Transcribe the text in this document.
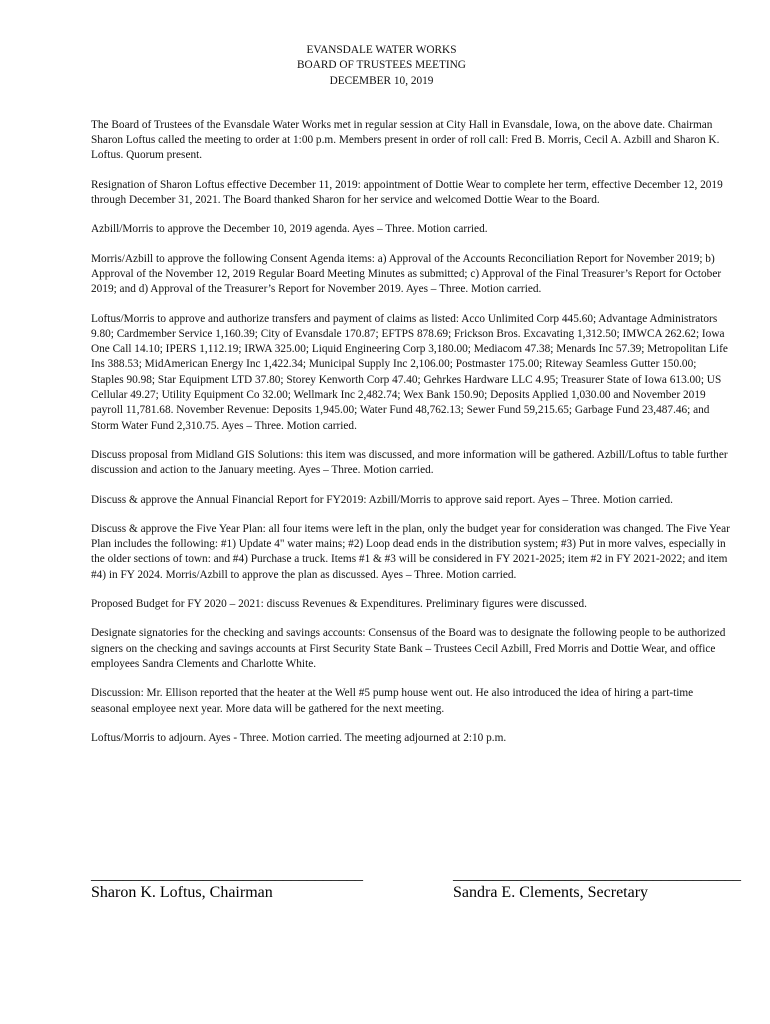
EVANSDALE WATER WORKS
BOARD OF TRUSTEES MEETING
DECEMBER 10, 2019

The Board of Trustees of the Evansdale Water Works met in regular session at City Hall in Evansdale, Iowa, on the above date. Chairman Sharon Loftus called the meeting to order at 1:00 p.m. Members present in order of roll call: Fred B. Morris, Cecil A. Azbill and Sharon K. Loftus. Quorum present.

Resignation of Sharon Loftus effective December 11, 2019: appointment of Dottie Wear to complete her term, effective December 12, 2019 through December 31, 2021. The Board thanked Sharon for her service and welcomed Dottie Wear to the Board.

Azbill/Morris to approve the December 10, 2019 agenda. Ayes – Three. Motion carried.

Morris/Azbill to approve the following Consent Agenda items: a) Approval of the Accounts Reconciliation Report for November 2019; b) Approval of the November 12, 2019 Regular Board Meeting Minutes as submitted; c) Approval of the Final Treasurer’s Report for October 2019; and d) Approval of the Treasurer’s Report for November 2019. Ayes – Three. Motion carried.

Loftus/Morris to approve and authorize transfers and payment of claims as listed: Acco Unlimited Corp 445.60; Advantage Administrators 9.80; Cardmember Service 1,160.39; City of Evansdale 170.87; EFTPS 878.69; Frickson Bros. Excavating 1,312.50; IMWCA 262.62; Iowa One Call 14.10; IPERS 1,112.19; IRWA 325.00; Liquid Engineering Corp 3,180.00; Mediacom 47.38; Menards Inc 57.39; Metropolitan Life Ins 388.53; MidAmerican Energy Inc 1,422.34; Municipal Supply Inc 2,106.00; Postmaster 175.00; Riteway Seamless Gutter 150.00; Staples 90.98; Star Equipment LTD 37.80; Storey Kenworth Corp 47.40; Gehrkes Hardware LLC 4.95; Treasurer State of Iowa 613.00; US Cellular 49.27; Utility Equipment Co 32.00; Wellmark Inc 2,482.74; Wex Bank 150.90; Deposits Applied 1,030.00 and November 2019 payroll 11,781.68. November Revenue: Deposits 1,945.00; Water Fund 48,762.13; Sewer Fund 59,215.65; Garbage Fund 23,487.46; and Storm Water Fund 2,310.75. Ayes – Three. Motion carried.

Discuss proposal from Midland GIS Solutions: this item was discussed, and more information will be gathered. Azbill/Loftus to table further discussion and action to the January meeting. Ayes – Three. Motion carried.

Discuss & approve the Annual Financial Report for FY2019: Azbill/Morris to approve said report. Ayes – Three. Motion carried.

Discuss & approve the Five Year Plan: all four items were left in the plan, only the budget year for consideration was changed. The Five Year Plan includes the following: #1) Update 4" water mains; #2) Loop dead ends in the distribution system; #3) Put in more valves, especially in the older sections of town: and #4) Purchase a truck. Items #1 & #3 will be considered in FY 2021-2025; item #2 in FY 2021-2022; and item #4) in FY 2024. Morris/Azbill to approve the plan as discussed. Ayes – Three. Motion carried.

Proposed Budget for FY 2020 – 2021: discuss Revenues & Expenditures. Preliminary figures were discussed.

Designate signatories for the checking and savings accounts: Consensus of the Board was to designate the following people to be authorized signers on the checking and savings accounts at First Security State Bank – Trustees Cecil Azbill, Fred Morris and Dottie Wear, and office employees Sandra Clements and Charlotte White.

Discussion: Mr. Ellison reported that the heater at the Well #5 pump house went out. He also introduced the idea of hiring a part-time seasonal employee next year. More data will be gathered for the next meeting.

Loftus/Morris to adjourn. Ayes - Three. Motion carried. The meeting adjourned at 2:10 p.m.

__________________________________
Sharon K. Loftus, Chairman
____________________________________
Sandra E. Clements, Secretary
